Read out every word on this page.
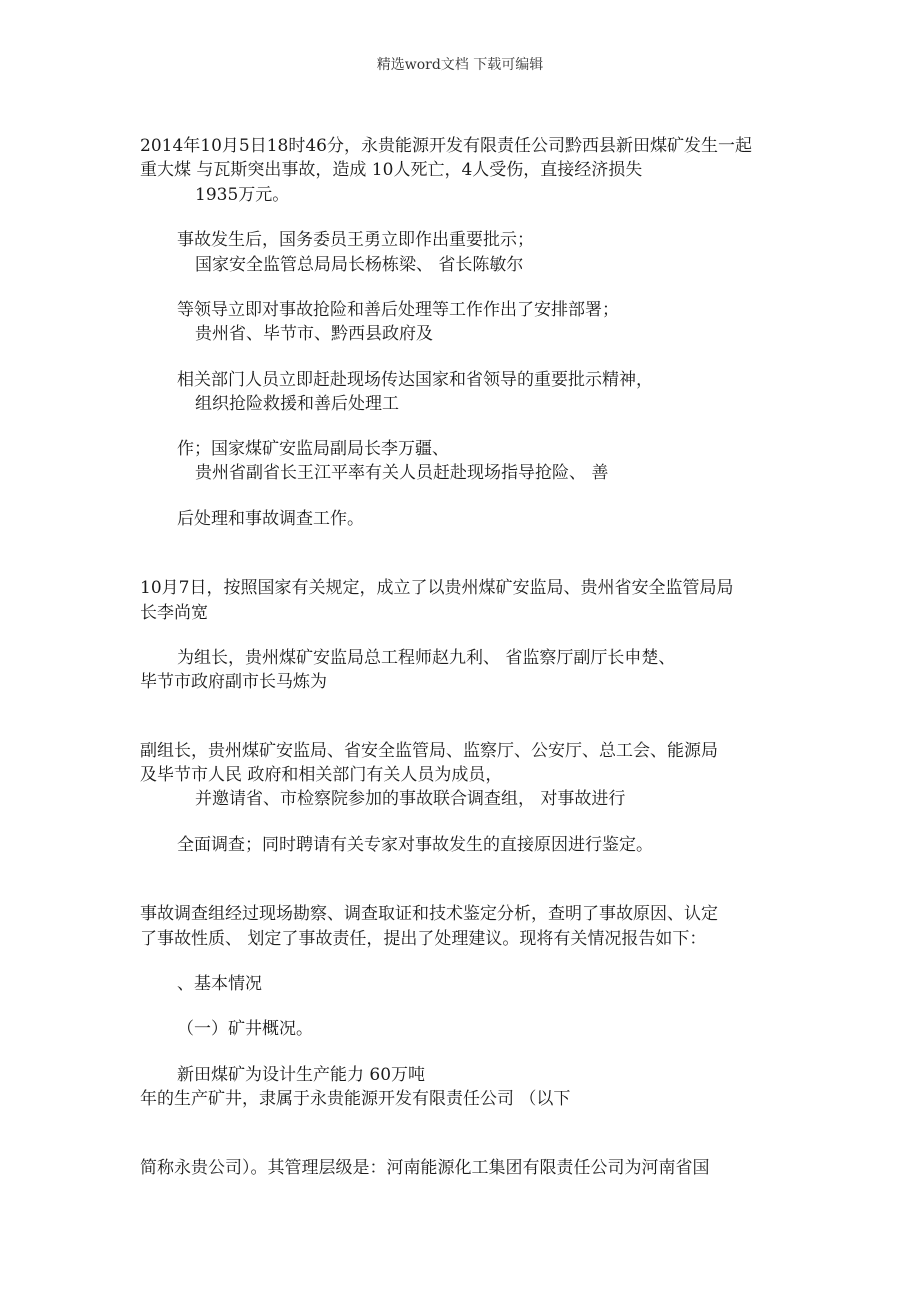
精选word文档 下载可编辑
2014年10月5日18时46分，永贵能源开发有限责任公司黔西县新田煤矿发生一起
重大煤 与瓦斯突出事故，造成 10人死亡，4人受伤，直接经济损失
1935万元。
事故发生后，国务委员王勇立即作出重要批示；
国家安全监管总局局长杨栋梁、 省长陈敏尔
等领导立即对事故抢险和善后处理等工作作出了安排部署；
贵州省、毕节市、黔西县政府及
相关部门人员立即赶赴现场传达国家和省领导的重要批示精神，
组织抢险救援和善后处理工
作；国家煤矿安监局副局长李万疆、
贵州省副省长王江平率有关人员赶赴现场指导抢险、 善
后处理和事故调查工作。
10月7日，按照国家有关规定，成立了以贵州煤矿安监局、贵州省安全监管局局
长李尚宽
为组长，贵州煤矿安监局总工程师赵九利、 省监察厅副厅长申楚、
毕节市政府副市长马炼为
副组长，贵州煤矿安监局、省安全监管局、监察厅、公安厅、总工会、能源局
及毕节市人民 政府和相关部门有关人员为成员，
并邀请省、市检察院参加的事故联合调查组， 对事故进行
全面调查；同时聘请有关专家对事故发生的直接原因进行鉴定。
事故调查组经过现场勘察、调查取证和技术鉴定分析，查明了事故原因、认定
了事故性质、 划定了事故责任，提出了处理建议。现将有关情况报告如下：
、基本情况
（一）矿井概况。
新田煤矿为设计生产能力 60万吨
年的生产矿井，隶属于永贵能源开发有限责任公司 （以下
简称永贵公司）。其管理层级是：河南能源化工集团有限责任公司为河南省国
